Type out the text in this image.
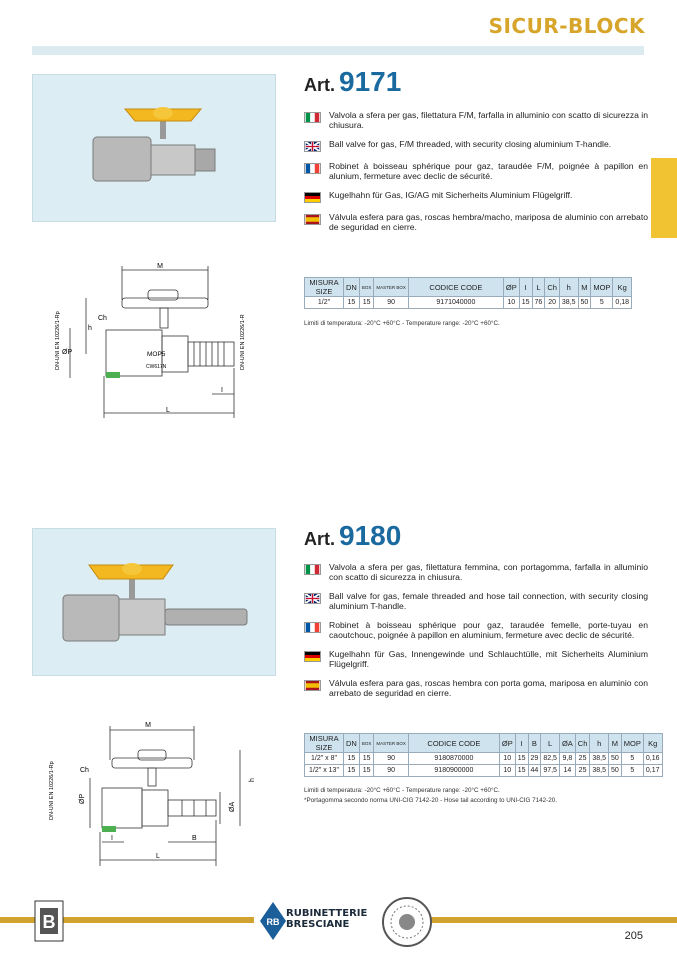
SICUR-BLOCK
Art. 9171
Valvola a sfera per gas, filettatura F/M, farfalla in alluminio con scatto di sicurezza in chiusura.
Ball valve for gas, F/M threaded, with security closing aluminium T-handle.
Robinet à boisseau sphérique pour gaz, taraudée F/M, poignée à papillon en alunium, fermeture avec declic de sécurité.
Kugelhahn für Gas, IG/AG mit Sicherheits Aluminium Flügelgriff.
Válvula esfera para gas, roscas hembra/macho, mariposa de aluminio con arrebato de seguridad en cierre.
M
Ch
h
ØP
L
I
MOP5
CW617N
DN-UNI EN 10226/1-Rp	DN-UNI EN 10226/1-R
MISURA SIZE	DN	BOX	MASTER BOX	CODICE CODE	ØP	I	L	Ch	h	M	MOP	Kg
1/2"	15	15	90	9171040000	10	15	76	20	38,5	50	5	0,18
Limiti di temperatura: -20°C +60°C - Temperature range: -20°C +60°C.
Art. 9180
Valvola a sfera per gas, filettatura femmina, con portagomma, farfalla in alluminio con scatto di sicurezza in chiusura.
Ball valve for gas, female threaded and hose tail connection, with security closing aluminium T-handle.
Robinet à boisseau sphérique pour gaz, taraudée femelle, porte-tuyau en caoutchouc, poignée à papillon en aluminium, fermeture avec declic de sécurité.
Kugelhahn für Gas, Innengewinde und Schlauchtülle, mit Sicherheits Aluminium Flügelgriff.
Válvula esfera para gas, roscas hembra con porta goma, mariposa en aluminio con arrebato de seguridad en cierre.
M
Ch
ØP
h
ØA
I	B
L
DN-UNI EN 10226/1-Rp
MISURA SIZE	DN	BOX	MASTER BOX	CODICE CODE	ØP	I	B	L	ØA	Ch	h	M	MOP	Kg
1/2" x 8"	15	15	90	9180870000	10	15	29	82,5	9,8	25	38,5	50	5	0,16
1/2" x 13"	15	15	90	9180900000	10	15	44	97,5	14	25	38,5	50	5	0,17
Limiti di temperatura: -20°C +60°C - Temperature range: -20°C +60°C.
*Portagomma secondo norma UNI-CIG 7142-20 - Hose tail according to UNI-CIG 7142-20.
B	RB
RUBINETTERIE
BRESCIANE
205
